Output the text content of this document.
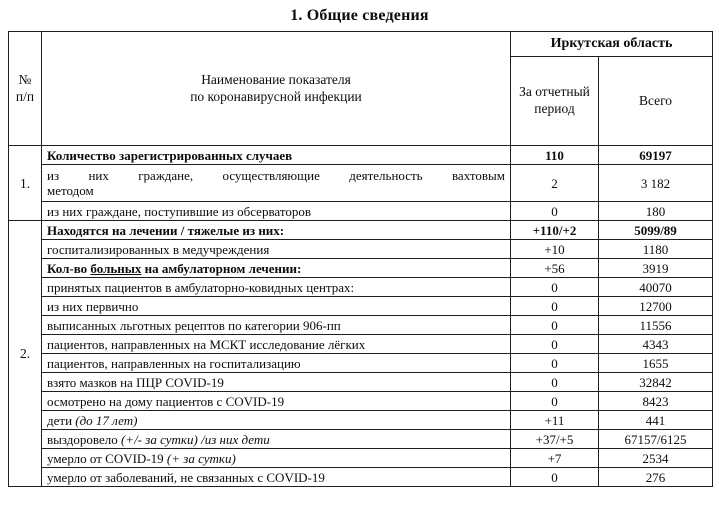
1. Общие сведения
№
п/п

Наименование показателя
по коронавирусной инфекции
	Иркутская область
		За отчетный период	Всего
1.	Количество зарегистрированных случаев	110	69197

	из них граждане, осуществляющие деятельность вахтовым
методом	2	3 182
	из них граждане, поступившие из обсерваторов	0	180
2.	Находятся на лечении / тяжелые из них:	+110/+2	5099/89
	госпитализированных в медучреждения	+10	1180
	Кол-во больных на амбулаторном лечении:	+56	3919
	принятых пациентов в амбулаторно-ковидных центрах:	0	40070
	из них первично	0	12700
	выписанных льготных рецептов по категории 906-пп	0	11556
	пациентов, направленных на МСКТ исследование лёгких	0	4343
	пациентов, направленных на госпитализацию	0	1655
	взято мазков на ПЦР COVID-19	0	32842
	осмотрено на дому пациентов с COVID-19	0	8423
	дети (до 17 лет)	+11	441
	выздоровело (+/- за сутки) /из них дети	+37/+5	67157/6125
	умерло от COVID-19 (+ за сутки)	+7	2534
	умерло от заболеваний, не связанных с COVID-19	0	276
